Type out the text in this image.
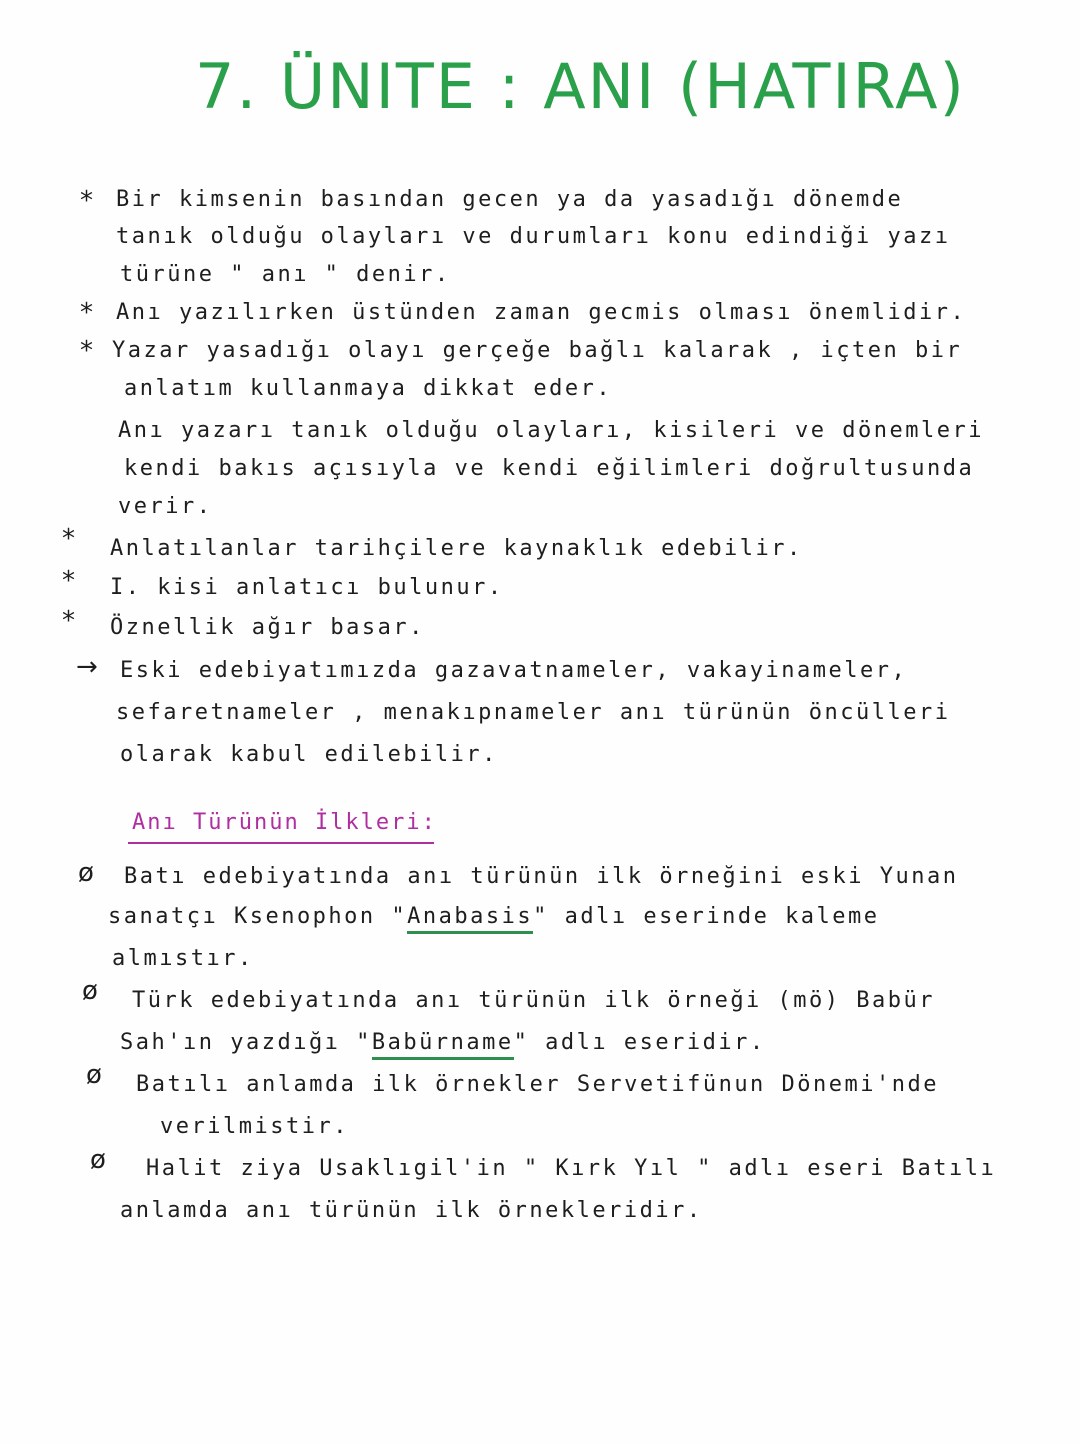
7. ÜNITE : ANI (HATIRA)
* Bir kimsenin basından gecen ya da yasadığı dönemde
tanık olduğu olayları ve durumları konu edindiği yazı
türüne " anı " denir.
* Anı yazılırken üstünden zaman gecmis olması önemlidir.
* Yazar yasadığı olayı gerçeğe bağlı kalarak , içten bir
anlatım kullanmaya dikkat eder.
Anı yazarı tanık olduğu olayları, kisileri ve dönemleri
kendi bakıs açısıyla ve kendi eğilimleri doğrultusunda
verir.
* Anlatılanlar tarihçilere kaynaklık edebilir.
* I. kisi anlatıcı bulunur.
* Öznellik ağır basar.
→ Eski edebiyatımızda gazavatnameler, vakayinameler,
sefaretnameler , menakıpnameler anı türünün öncülleri
olarak kabul edilebilir.
Anı Türünün İlkleri:
ø Batı edebiyatında anı türünün ilk örneğini eski Yunan
sanatçı Ksenophon "Anabasis" adlı eserinde kaleme
almıstır.
ø Türk edebiyatında anı türünün ilk örneği (mö) Babür
Sah'ın yazdığı "Babürname" adlı eseridir.
ø Batılı anlamda ilk örnekler Servetifünun Dönemi'nde
verilmistir.
ø Halit ziya Usaklıgil'in " Kırk Yıl " adlı eseri Batılı
anlamda anı türünün ilk örnekleridir.
